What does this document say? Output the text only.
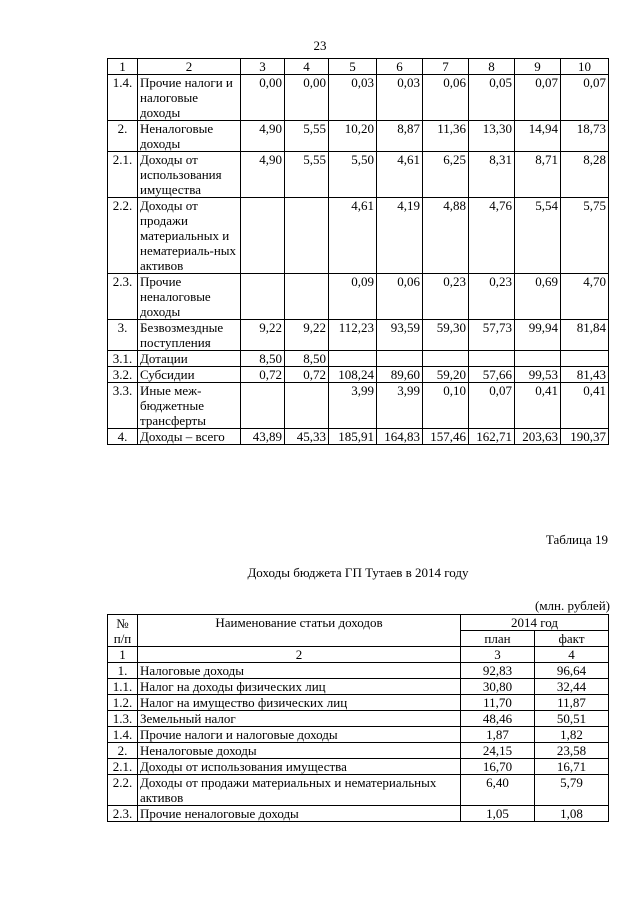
23
1	2	3	4	5	6	7	8	9	10
1.4.	Прочие налоги и налоговые доходы	0,00	0,00	0,03	0,03	0,06	0,05	0,07	0,07
2.	Неналоговые доходы	4,90	5,55	10,20	8,87	11,36	13,30	14,94	18,73
2.1.	Доходы от использования имущества	4,90	5,55	5,50	4,61	6,25	8,31	8,71	8,28
2.2.	Доходы от продажи материальных и нематериаль-ных активов			4,61	4,19	4,88	4,76	5,54	5,75
2.3.	Прочие неналоговые доходы			0,09	0,06	0,23	0,23	0,69	4,70
3.	Безвозмездные поступления	9,22	9,22	112,23	93,59	59,30	57,73	99,94	81,84
3.1.	Дотации	8,50	8,50						
3.2.	Субсидии	0,72	0,72	108,24	89,60	59,20	57,66	99,53	81,43
3.3.	Иные меж-бюджетные трансферты			3,99	3,99	0,10	0,07	0,41	0,41
4.	Доходы – всего	43,89	45,33	185,91	164,83	157,46	162,71	203,63	190,37
Таблица 19
Доходы бюджета ГП Тутаев в 2014 году
(млн. рублей)
№ п/п	Наименование статьи доходов	2014 год	
		план	факт
1	2	3	4
1.	Налоговые доходы	92,83	96,64
1.1.	Налог на доходы физических лиц	30,80	32,44
1.2.	Налог на имущество физических лиц	11,70	11,87
1.3.	Земельный налог	48,46	50,51
1.4.	Прочие налоги и налоговые доходы	1,87	1,82
2.	Неналоговые доходы	24,15	23,58
2.1.	Доходы от использования имущества	16,70	16,71
2.2.	Доходы от продажи материальных и нематериальных активов	6,40	5,79
2.3.	Прочие неналоговые доходы	1,05	1,08
